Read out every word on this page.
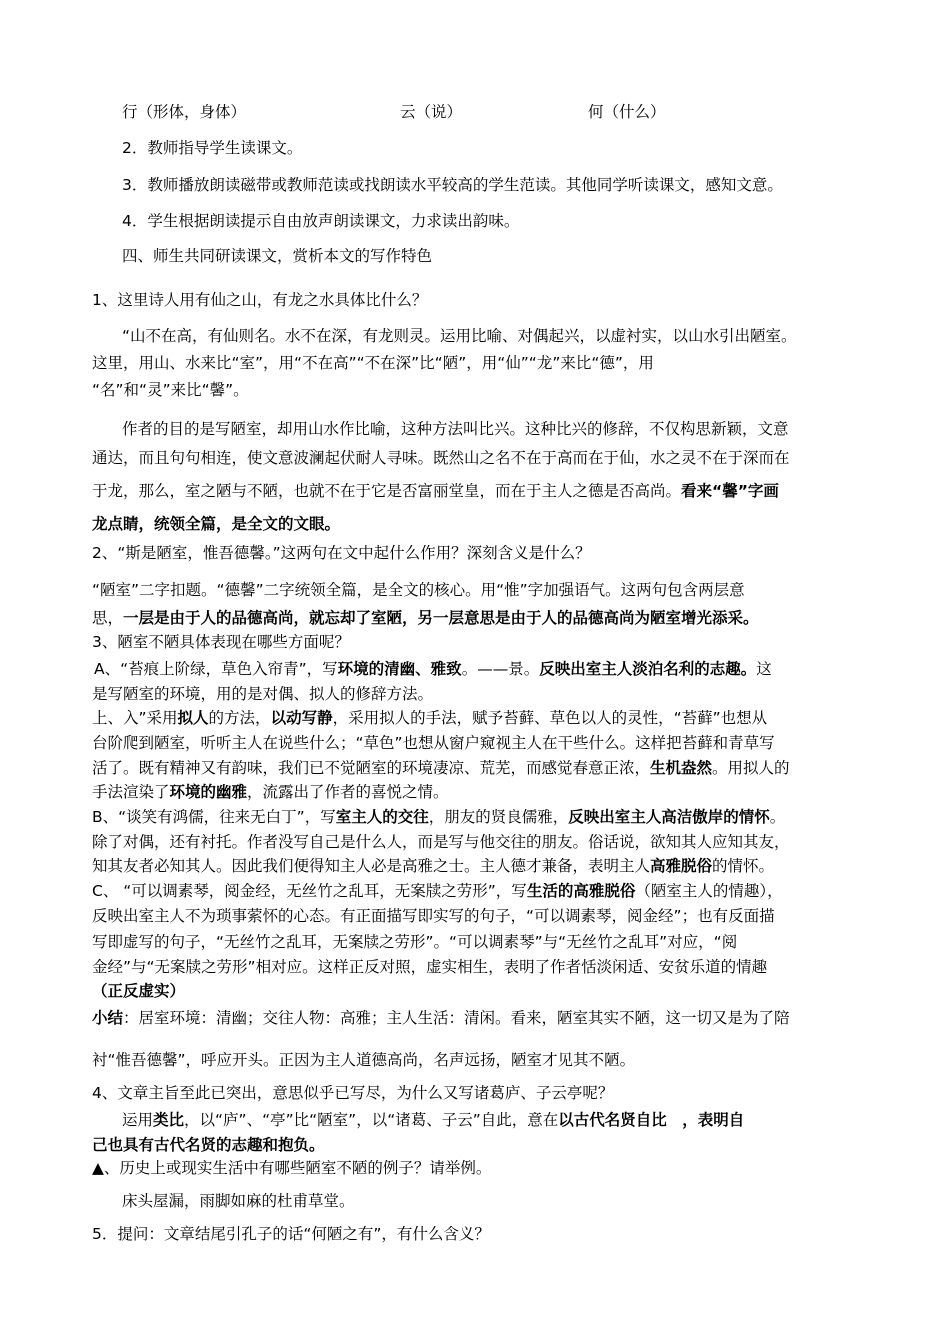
行（形体，身体）	云（说）	何（什么）
2．教师指导学生读课文。
3．教师播放朗读磁带或教师范读或找朗读水平较高的学生范读。其他同学听读课文，感知文意。
4．学生根据朗读提示自由放声朗读课文，力求读出韵味。
四、师生共同研读课文，赏析本文的写作特色
1、这里诗人用有仙之山，有龙之水具体比什么？
“山不在高，有仙则名。水不在深，有龙则灵。运用比喻、对偶起兴，以虚衬实，以山水引出陋室。
这里，用山、水来比“室”，用“不在高”“不在深”比“陋”，用“仙”“龙”来比“德”，用
“名”和“灵”来比“馨”。
作者的目的是写陋室，却用山水作比喻，这种方法叫比兴。这种比兴的修辞，不仅构思新颖，文意
通达，而且句句相连，使文意波澜起伏耐人寻味。既然山之名不在于高而在于仙，水之灵不在于深而在
于龙，那么，室之陋与不陋，也就不在于它是否富丽堂皇，而在于主人之德是否高尚。看来“馨”字画
龙点睛，统领全篇，是全文的文眼。
2、“斯是陋室，惟吾德馨。”这两句在文中起什么作用？深刻含义是什么？
“陋室”二字扣题。“德馨”二字统领全篇，是全文的核心。用“惟”字加强语气。这两句包含两层意
思，一层是由于人的品德高尚，就忘却了室陋，另一层意思是由于人的品德高尚为陋室增光添采。
3、陋室不陋具体表现在哪些方面呢？
A、“苔痕上阶绿，草色入帘青”，写环境的清幽、雅致。——景。反映出室主人淡泊名利的志趣。这
是写陋室的环境，用的是对偶、拟人的修辞方法。
上、入”采用拟人的方法，以动写静，采用拟人的手法，赋予苔藓、草色以人的灵性，“苔藓”也想从
台阶爬到陋室，听听主人在说些什么；“草色”也想从窗户窥视主人在干些什么。这样把苔藓和青草写
活了。既有精神又有韵味，我们已不觉陋室的环境凄凉、荒芜，而感觉春意正浓，生机盎然。用拟人的
手法渲染了环境的幽雅，流露出了作者的喜悦之情。
B、“谈笑有鸿儒，往来无白丁”，写室主人的交往，朋友的贤良儒雅，反映出室主人高洁傲岸的情怀。
除了对偶，还有衬托。作者没写自己是什么人，而是写与他交往的朋友。俗话说，欲知其人应知其友，
知其友者必知其人。因此我们便得知主人必是高雅之士。主人德才兼备，表明主人高雅脱俗的情怀。
C、 “可以调素琴，阅金经，无丝竹之乱耳，无案牍之劳形”，写生活的高雅脱俗（陋室主人的情趣），
反映出室主人不为琐事萦怀的心态。有正面描写即实写的句子，“可以调素琴，阅金经”；也有反面描
写即虚写的句子，“无丝竹之乱耳，无案牍之劳形”。“可以调素琴”与“无丝竹之乱耳”对应，“阅
金经”与“无案牍之劳形”相对应。这样正反对照，虚实相生，表明了作者恬淡闲适、安贫乐道的情趣
（正反虚实）
小结：居室环境：清幽；交往人物：高雅；主人生活：清闲。看来，陋室其实不陋，这一切又是为了陪
衬“惟吾德馨”，呼应开头。正因为主人道德高尚，名声远扬，陋室才见其不陋。
4、文章主旨至此已突出，意思似乎已写尽，为什么又写诸葛庐、子云亭呢？
运用类比，以“庐”、“亭”比“陋室”，以“诸葛、子云”自此，意在以古代名贤自比　，表明自
己也具有古代名贤的志趣和抱负。
▲、历史上或现实生活中有哪些陋室不陋的例子？请举例。
床头屋漏，雨脚如麻的杜甫草堂。
5．提问：文章结尾引孔子的话“何陋之有”，有什么含义？
